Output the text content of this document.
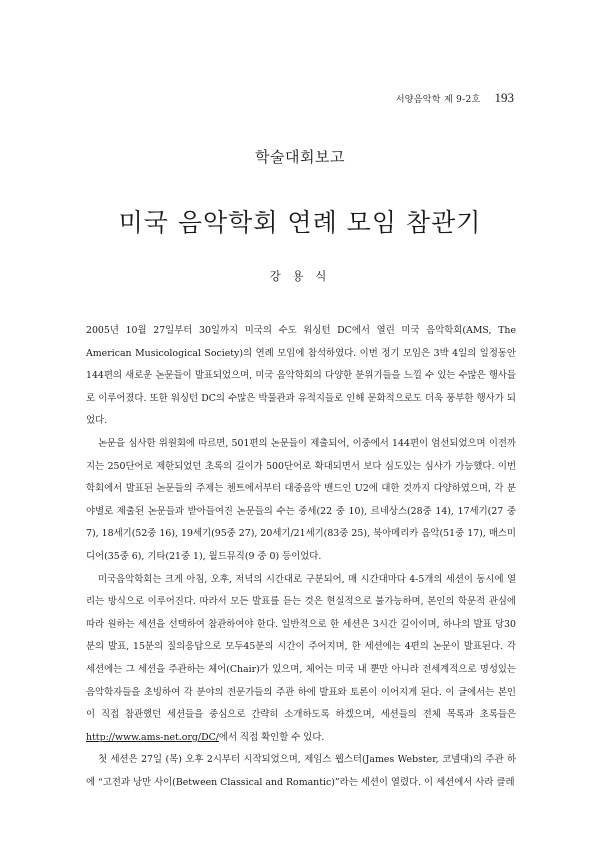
서양음악학 제 9-2호 193
학술대회보고
미국 음악학회 연례 모임 참관기
강 용 식

2005년 10월 27일부터 30일까지 미국의 수도 워싱턴 DC에서 열린 미국 음악학회(AMS, The American Musicological Society)의 연례 모임에 참석하였다. 이번 정기 모임은 3박 4일의 일정동안 144편의 새로운 논문들이 발표되었으며, 미국 음악학회의 다양한 분위기들을 느낄 수 있는 수많은 행사들로 이루어졌다. 또한 워싱턴 DC의 수많은 박물관과 유적지들로 인해 문화적으로도 더욱 풍부한 행사가 되었다.

논문을 심사한 위원회에 따르면, 501편의 논문들이 제출되어, 이중에서 144편이 엄선되었으며 이전까지는 250단어로 제한되었던 초록의 길이가 500단어로 확대되면서 보다 심도있는 심사가 가능했다. 이번 학회에서 발표된 논문들의 주제는 첸트에서부터 대중음악 밴드인 U2에 대한 것까지 다양하였으며, 각 분야별로 제출된 논문들과 받아들여진 논문들의 수는 중세(22 중 10), 르네상스(28중 14), 17세기(27 중 7), 18세기(52중 16), 19세기(95중 27), 20세기/21세기(83중 25), 북아메리카 음악(51중 17), 매스미디어(35중 6), 기타(21중 1), 월드뮤직(9 중 0) 등이었다.

미국음악학회는 크게 아침, 오후, 저녁의 시간대로 구분되어, 매 시간대마다 4-5개의 세션이 동시에 열리는 방식으로 이루어진다. 따라서 모든 발표를 듣는 것은 현실적으로 불가능하며, 본인의 학문적 관심에 따라 원하는 세션을 선택하여 참관하여야 한다. 일반적으로 한 세션은 3시간 길이이며, 하나의 발표 당30분의 발표, 15분의 질의응답으로 모두45분의 시간이 주어지며, 한 세션에는 4편의 논문이 발표된다. 각 세션에는 그 세션을 주관하는 체어(Chair)가 있으며, 체어는 미국 내 뿐만 아니라 전세계적으로 명성있는 음악학자들을 초빙하여 각 분야의 전문가들의 주관 하에 발표와 토론이 이어지게 된다. 이 글에서는 본인이 직접 참관했던 세션들을 중심으로 간략히 소개하도록 하겠으며, 세션들의 전체 목록과 초록들은http://www.ams-net.org/DC/에서 직접 확인할 수 있다.

첫 세션은 27일 (목) 오후 2시부터 시작되었으며, 제임스 웹스터(James Webster, 코넬대)의 주관 하에 “고전과 낭만 사이(Between Classical and Romantic)”라는 세션이 열렸다. 이 세션에서 사라 클레
